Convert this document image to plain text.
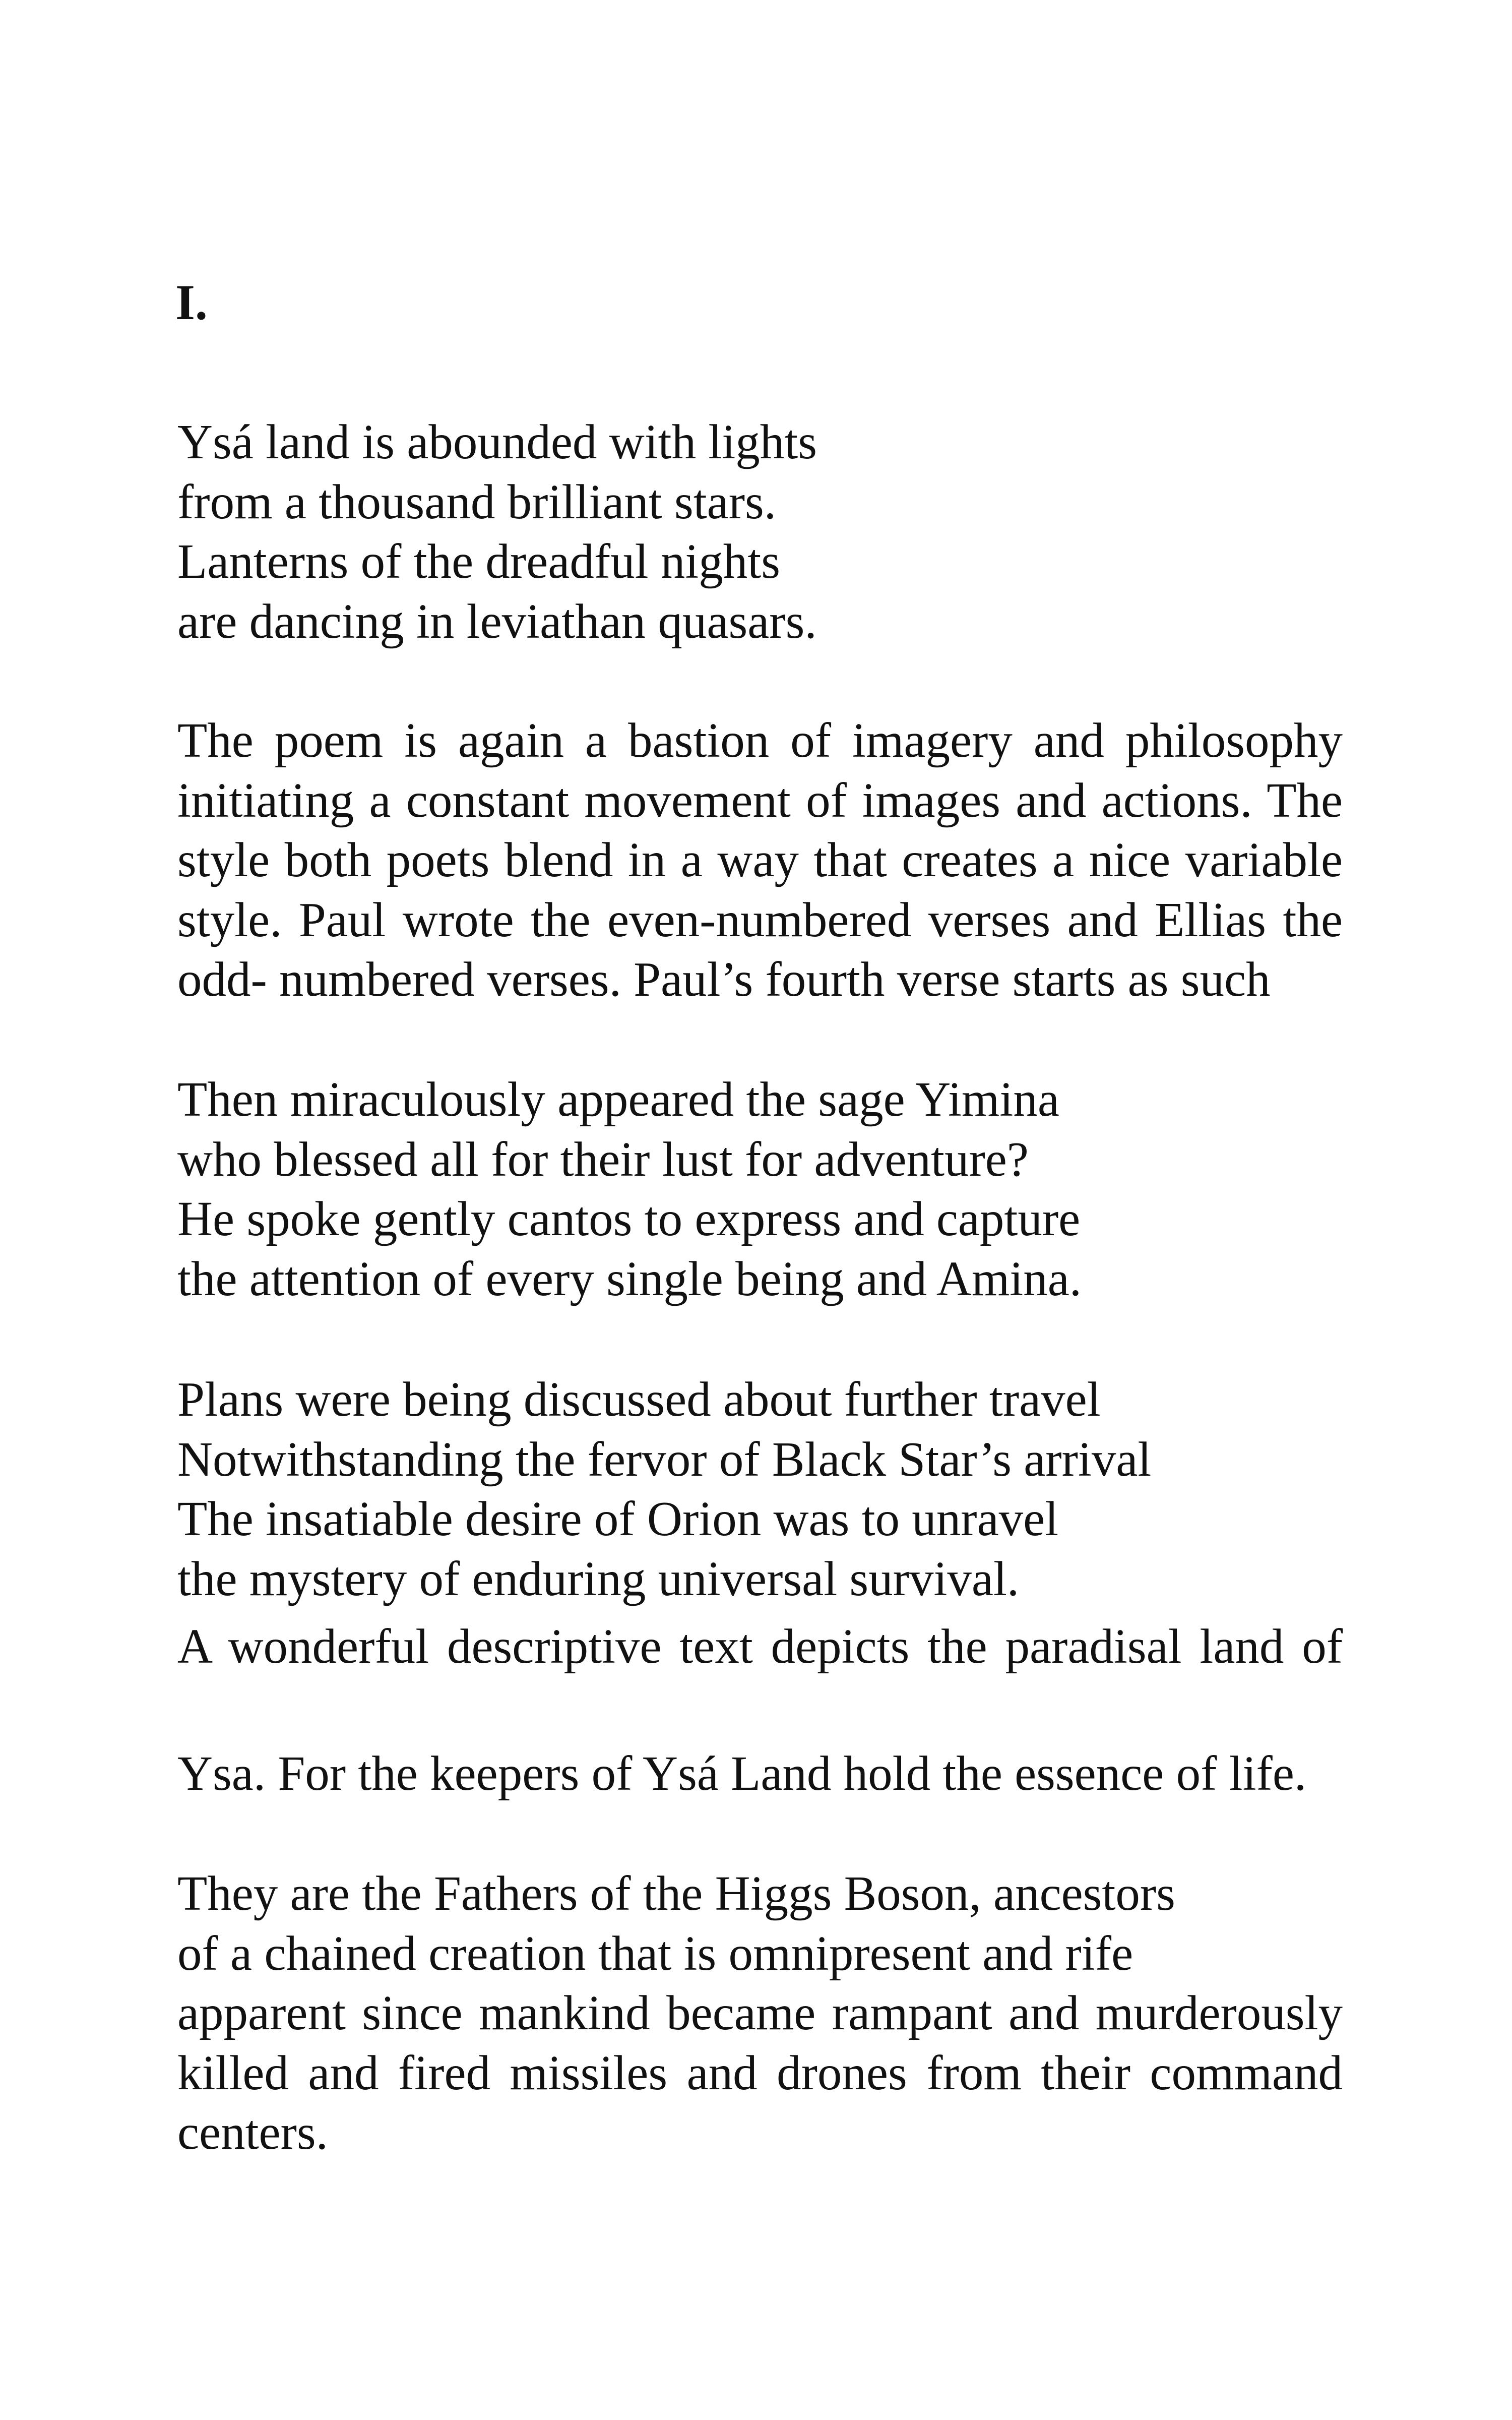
I.
Ysá land is abounded with lights
from a thousand brilliant stars.
Lanterns of the dreadful nights
are dancing in leviathan quasars.
The poem is again a bastion of imagery and philosophy
initiating a constant movement of images and actions. The
style both poets blend in a way that creates a nice variable
style. Paul wrote the even-numbered verses and Ellias the
odd- numbered verses. Paul’s fourth verse starts as such
Then miraculously appeared the sage Yimina
who blessed all for their lust for adventure?
He spoke gently cantos to express and capture
the attention of every single being and Amina.
Plans were being discussed about further travel
Notwithstanding the fervor of Black Star’s arrival
The insatiable desire of Orion was to unravel
the mystery of enduring universal survival.
A wonderful descriptive text depicts the paradisal land of
Ysa. For the keepers of Ysá Land hold the essence of life.
They are the Fathers of the Higgs Boson, ancestors
of a chained creation that is omnipresent and rife
apparent since mankind became rampant and murderously
killed and fired missiles and drones from their command
centers.
